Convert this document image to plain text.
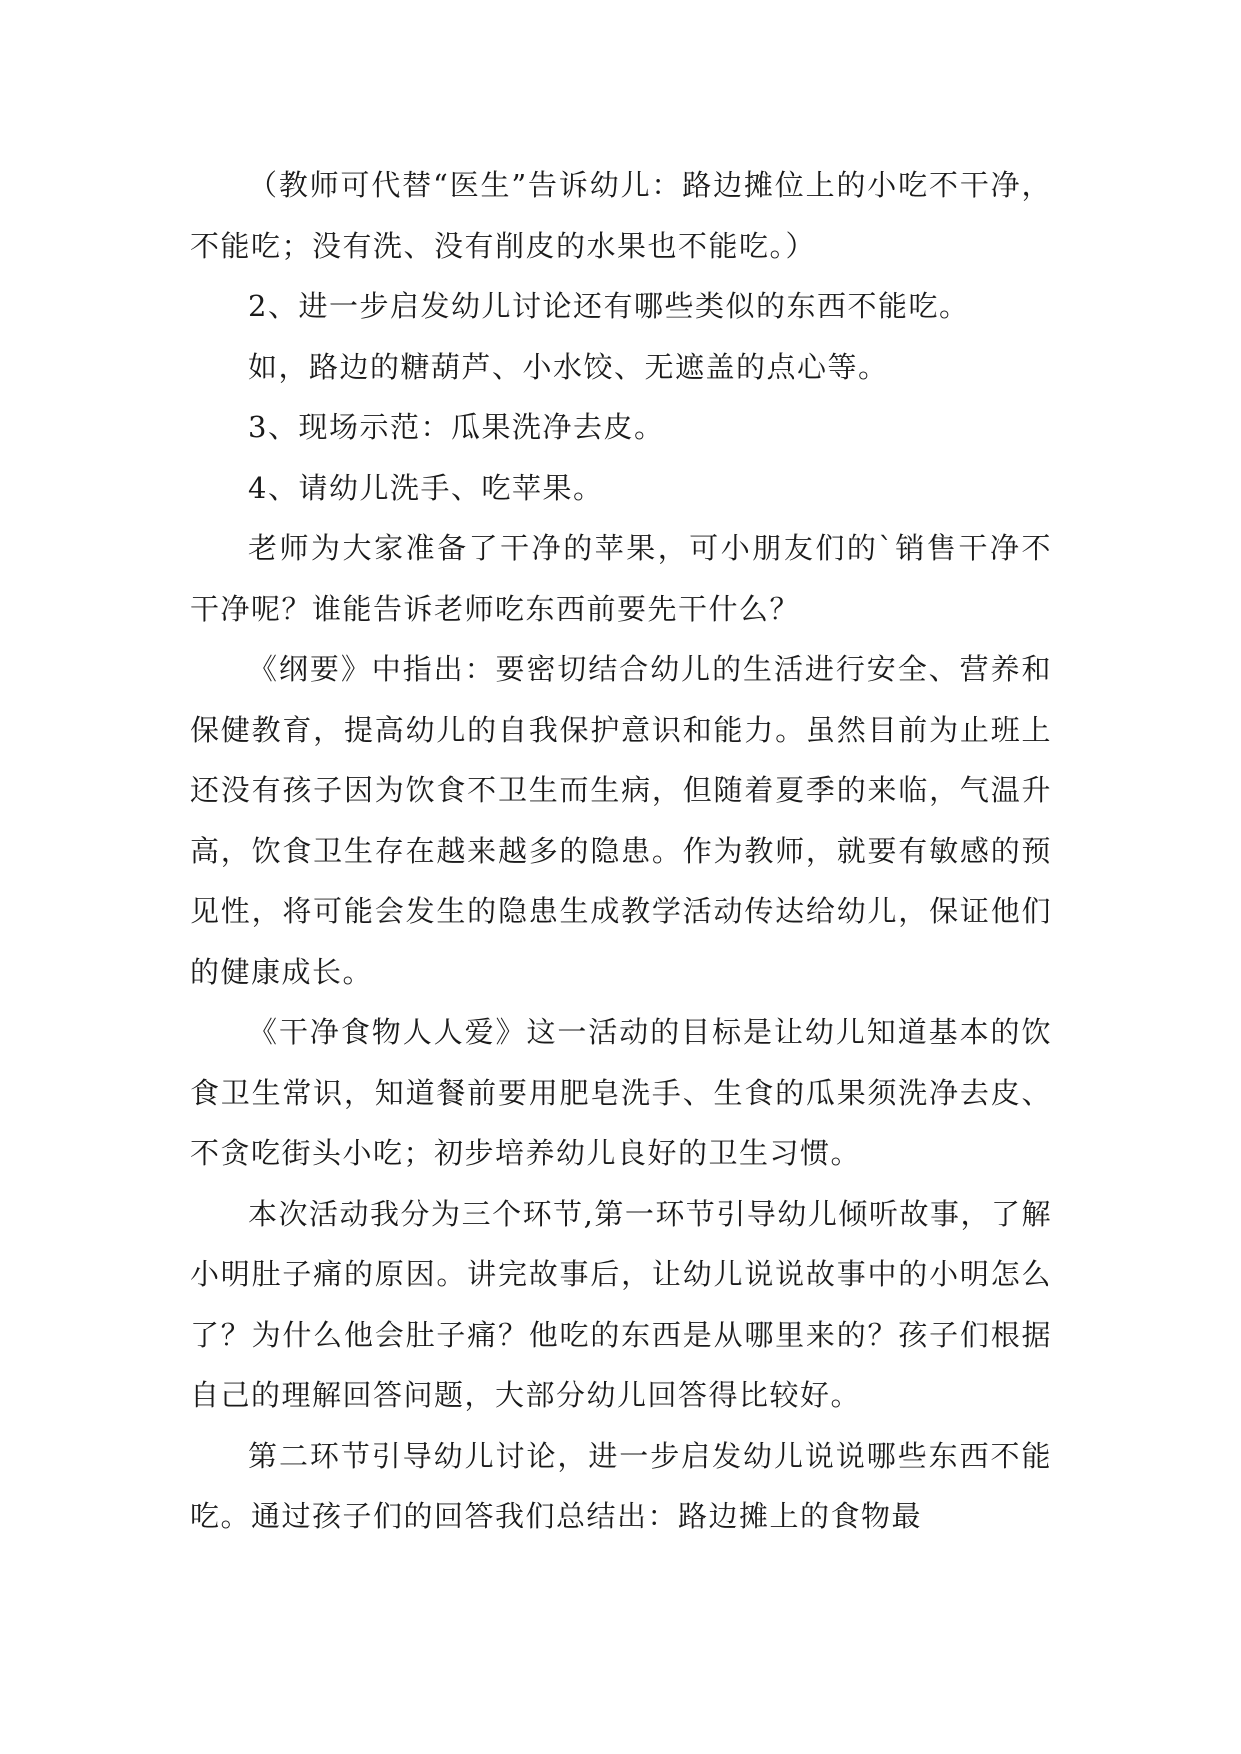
（教师可代替“医生”告诉幼儿：路边摊位上的小吃不干净，不能吃；没有洗、没有削皮的水果也不能吃。）

2、进一步启发幼儿讨论还有哪些类似的东西不能吃。

如，路边的糖葫芦、小水饺、无遮盖的点心等。

3、现场示范：瓜果洗净去皮。

4、请幼儿洗手、吃苹果。

老师为大家准备了干净的苹果，可小朋友们的`销售干净不干净呢？谁能告诉老师吃东西前要先干什么？

《纲要》中指出：要密切结合幼儿的生活进行安全、营养和保健教育，提高幼儿的自我保护意识和能力。虽然目前为止班上还没有孩子因为饮食不卫生而生病，但随着夏季的来临，气温升高，饮食卫生存在越来越多的隐患。作为教师，就要有敏感的预见性，将可能会发生的隐患生成教学活动传达给幼儿，保证他们的健康成长。

《干净食物人人爱》这一活动的目标是让幼儿知道基本的饮食卫生常识，知道餐前要用肥皂洗手、生食的瓜果须洗净去皮、不贪吃街头小吃；初步培养幼儿良好的卫生习惯。

本次活动我分为三个环节,第一环节引导幼儿倾听故事，了解小明肚子痛的原因。讲完故事后，让幼儿说说故事中的小明怎么了？为什么他会肚子痛？他吃的东西是从哪里来的？孩子们根据自己的理解回答问题，大部分幼儿回答得比较好。

第二环节引导幼儿讨论，进一步启发幼儿说说哪些东西不能吃。通过孩子们的回答我们总结出：路边摊上的食物最
